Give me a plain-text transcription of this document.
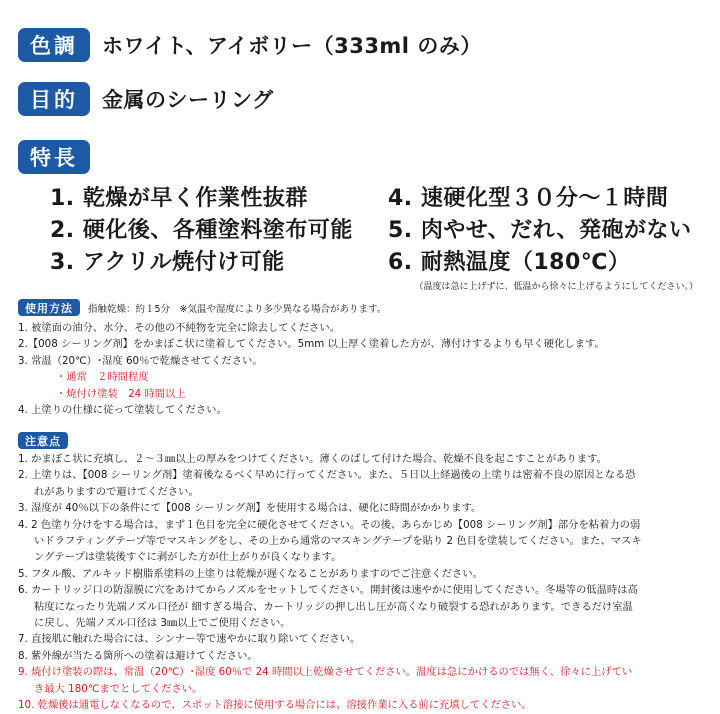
色調	ホワイト、アイボリー（333ml のみ）
目的	金属のシーリング
特長
1. 乾燥が早く作業性抜群
2. 硬化後、各種塗料塗布可能
3. アクリル焼付け可能
4. 速硬化型３０分〜１時間
5. 肉やせ、だれ、発砲がない
6. 耐熱温度（180℃）
（温度は急に上げずに、低温から徐々に上げるようにしてください。）
使用方法	指触乾燥：約１5分　※気温や湿度により多少異なる場合があります。
1. 被塗面の油分、水分、その他の不純物を完全に除去してください。
2.【008 シーリング剤】をかまぼこ状に塗着してください。5mm 以上厚く塗着した方が、薄付けするよりも早く硬化します。
3. 常温（20℃）･湿度 60％で乾燥させてください。
・通常　２時間程度
・焼付け塗装　24 時間以上
4. 上塗りの仕様に従って塗装してください。
注意点
1. かまぼこ状に充填し、２〜３㎜以上の厚みをつけてください。薄くのばして付けた場合、乾燥不良を起こすことがあります。
2. 上塗りは、【008 シーリング剤】塗着後なるべく早めに行ってください。また、５日以上経過後の上塗りは密着不良の原因となる恐
れがありますので避けてください。
3. 湿度が 40％以下の条件にて【008 シーリング剤】を使用する場合は、硬化に時間がかかります。
4. 2 色塗り分けをする場合は、まず１色目を完全に硬化させてください。その後、あらかじめ【008 シーリング剤】部分を粘着力の弱
いドラフティングテープ等でマスキングをし、その上から通常のマスキングテープを貼り 2 色目を塗装してください。また、マスキ
ングテープは塗装後すぐに剥がした方が仕上がりが良くなります。
5. フタル酸、アルキッド樹脂系塗料の上塗りは乾燥が遅くなることがありますのでご注意ください。
6. カートリッジ口の防湿膜に穴をあけてからノズルをセットしてください。開封後は速やかに使用してください。冬場等の低温時は高
粘度になったり先端ノズル口径が 細すぎる場合、カートリッジの押し出し圧が高くなり破裂する恐れがあります。できるだけ室温
に戻し、先端ノズル口径は 3㎜以上でご使用ください。
7. 直接肌に触れた場合には、シンナー等で速やかに取り除いてください。
8. 紫外線が当たる箇所への塗着は避けてください。
9. 焼付け塗装の際は、常温（20℃）･湿度 60％で 24 時間以上乾燥させてください。温度は急にかけるのでは無く、徐々に上げてい
き最大 180℃までとしてください。
10. 乾燥後は通電しなくなるので、スポット溶接に使用する場合には、溶接作業に入る前に充填してください。
